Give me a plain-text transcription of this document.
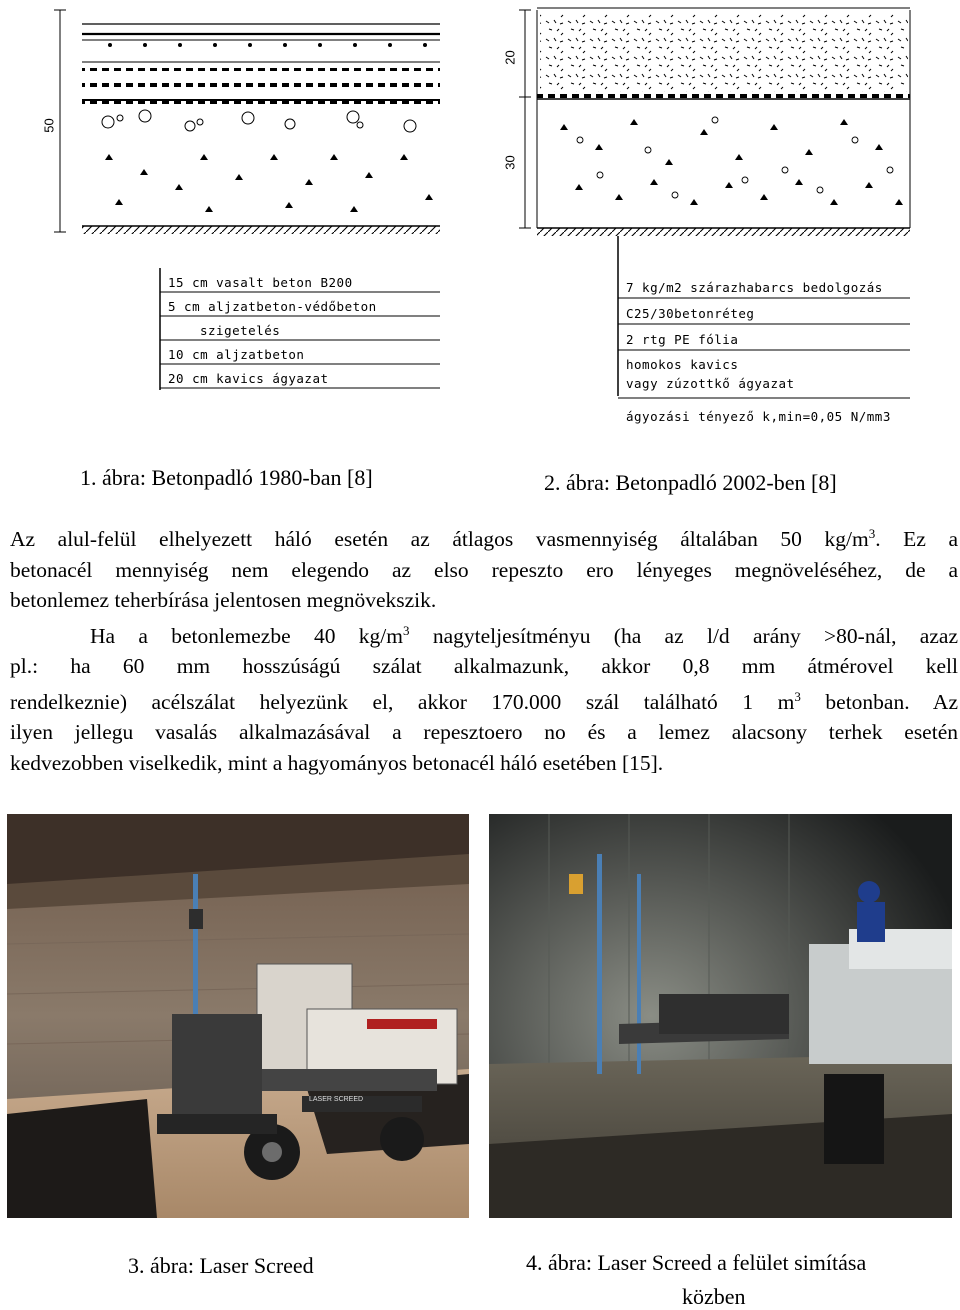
50
15 cm vasalt beton B200
5 cm aljzatbeton-védőbeton
szigetelés
10 cm aljzatbeton
20 cm kavics ágyazat
20
30
7 kg/m2 szárazhabarcs bedolgozás
C25/30betonréteg
2 rtg PE fólia
homokos kavics
vagy zúzottkő ágyazat
ágyozási tényező k,min=0,05 N/mm3
1. ábra: Betonpadló 1980-ban [8]	2. ábra: Betonpadló 2002-ben [8]
Az alul-felül elhelyezett háló esetén az átlagos vasmennyiség általában 50 $kg/m^3$. Ez a
betonacél mennyiség nem elegendo az elso repeszto ero lényeges megnöveléséhez, de a
betonlemez teherbírása jelentosen megnövekszik.
Ha a betonlemezbe 40 $kg/m^3$ nagyteljesítményu (ha az l/d arány >80-nál, azaz
pl.: ha 60 mm hosszúságú szálat alkalmazunk, akkor 0,8 mm átmérovel kell
rendelkeznie) acélszálat helyezünk el, akkor 170.000 szál található 1 $m^3$ betonban. Az
ilyen jellegu vasalás alkalmazásával a repesztoero no és a lemez alacsony terhek esetén
kedvezobben viselkedik, mint a hagyományos betonacél háló esetében [15].
LASER SCREED
3. ábra: Laser Screed	4. ábra: Laser Screed a felület simítása
közben
